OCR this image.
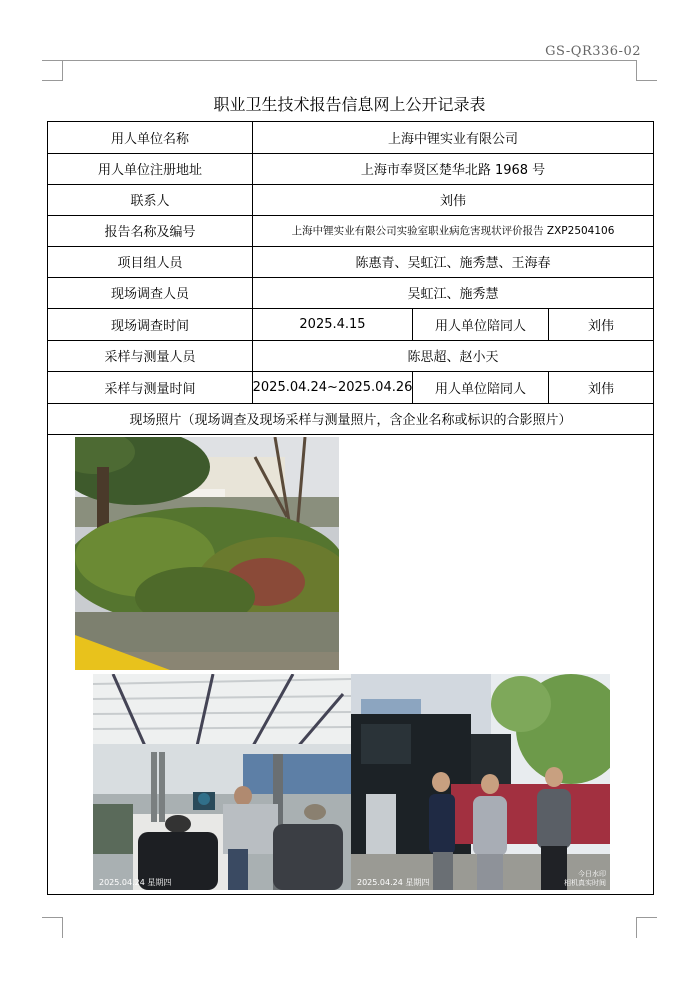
GS-QR336-02
职业卫生技术报告信息网上公开记录表
用人单位名称	上海中锂实业有限公司
用人单位注册地址	上海市奉贤区楚华北路 1968 号
联系人	刘伟
报告名称及编号	上海中锂实业有限公司实验室职业病危害现状评价报告 ZXP2504106
项目组人员	陈惠青、吴虹江、施秀慧、王海春
现场调查人员	吴虹江、施秀慧
现场调查时间	2025.4.15	用人单位陪同人	刘伟
采样与测量人员	陈思超、赵小天
采样与测量时间	2025.04.24~2025.04.26	用人单位陪同人	刘伟
现场照片（现场调查及现场采样与测量照片，含企业名称或标识的合影照片）
2025.04.24 星期四	2025.04.24 星期四
今日水印
相机真实时间
